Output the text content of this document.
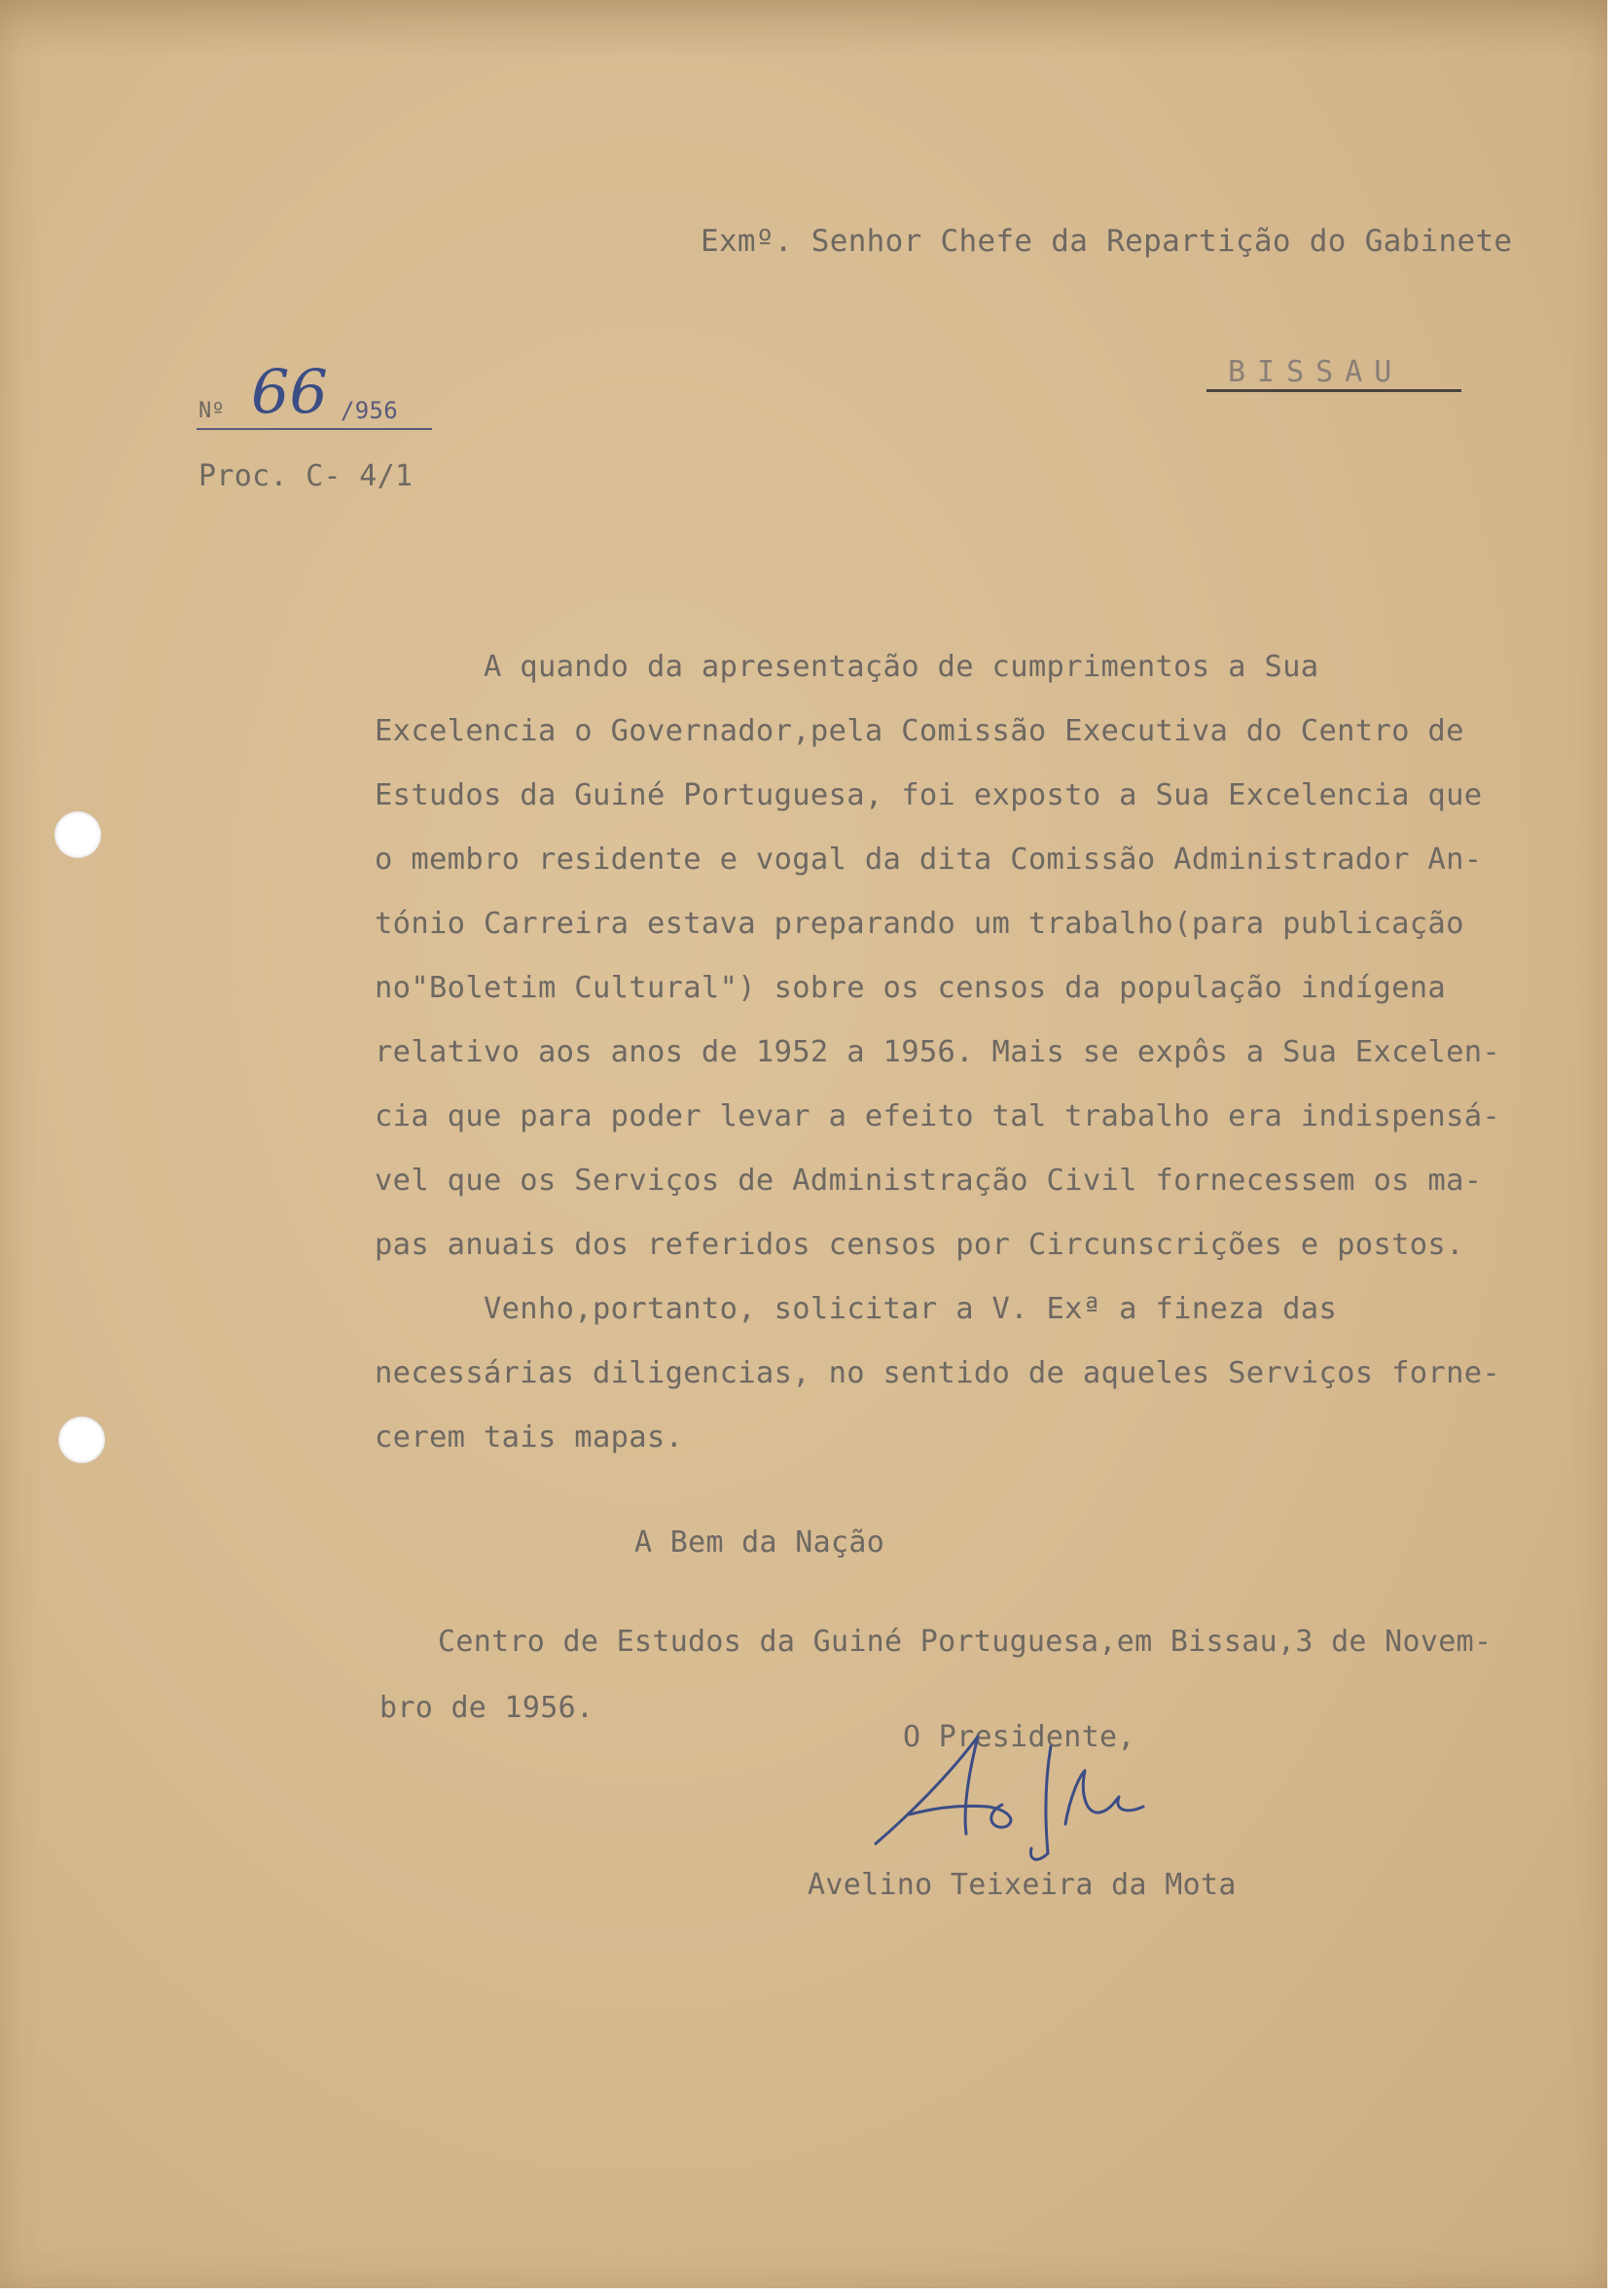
Exmº. Senhor Chefe da Repartição do Gabinete
BISSAU
Nº 66 /956
Proc. C- 4/1
A quando da apresentação de cumprimentos a Sua
Excelencia o Governador,pela Comissão Executiva do Centro de
Estudos da Guiné Portuguesa, foi exposto a Sua Excelencia que
o membro residente e vogal da dita Comissão Administrador An-
tónio Carreira estava preparando um trabalho(para publicação
no"Boletim Cultural") sobre os censos da população indígena
relativo aos anos de 1952 a 1956. Mais se expôs a Sua Excelen-
cia que para poder levar a efeito tal trabalho era indispensá-
vel que os Serviços de Administração Civil fornecessem os ma-
pas anuais dos referidos censos por Circunscrições e postos.
Venho,portanto, solicitar a V. Exª a fineza das
necessárias diligencias, no sentido de aqueles Serviços forne-
cerem tais mapas.
A Bem da Nação
Centro de Estudos da Guiné Portuguesa,em Bissau,3 de Novem-
bro de 1956.
O Presidente,
Avelino Teixeira da Mota
